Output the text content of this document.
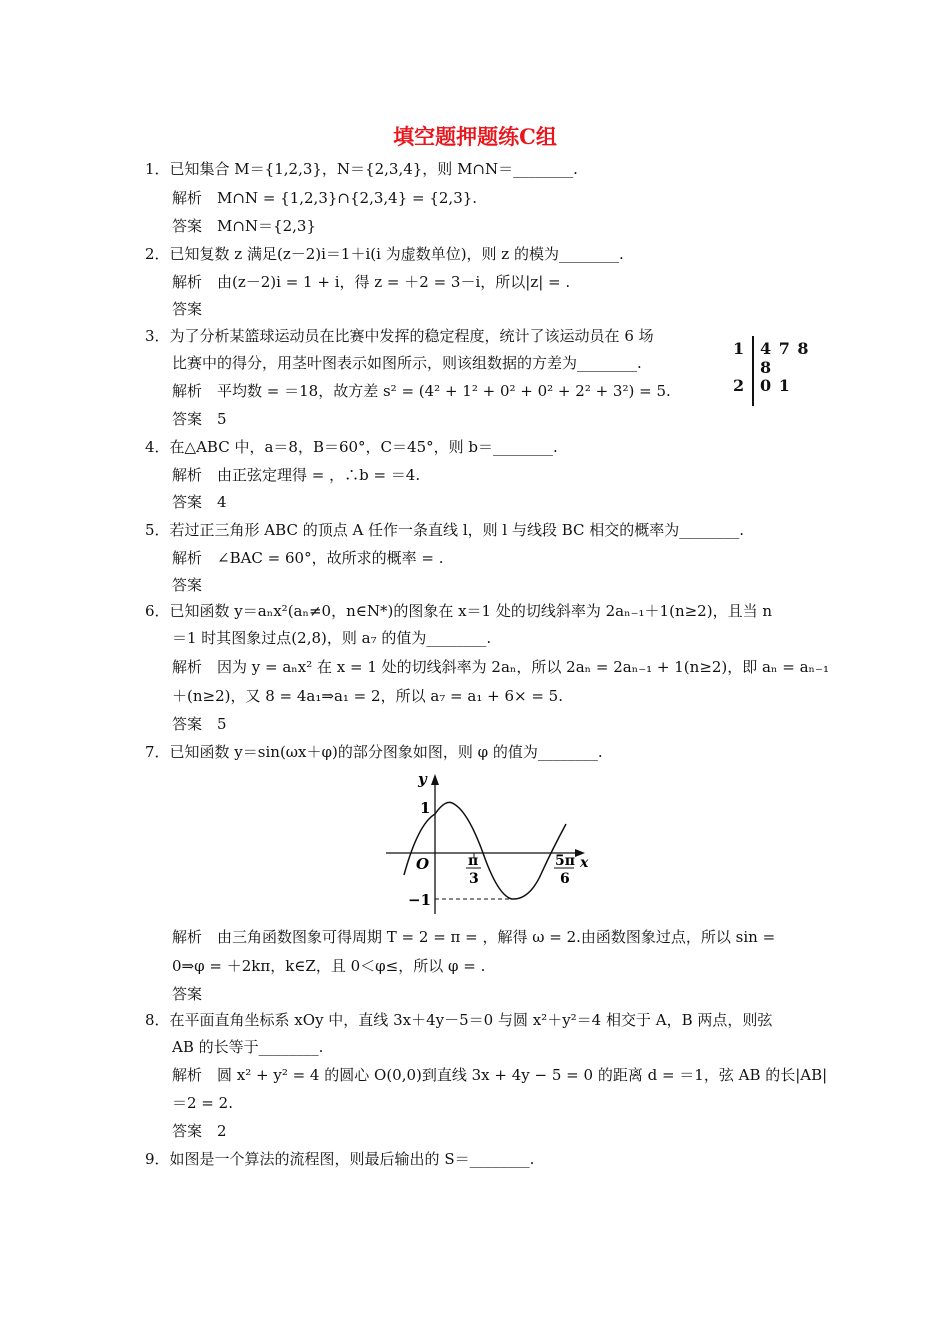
填空题押题练C组
1．已知集合 M＝{1,2,3}，N＝{2,3,4}，则 M∩N＝________.
解析　M∩N = {1,2,3}∩{2,3,4} = {2,3}.
答案　M∩N＝{2,3}
2．已知复数 z 满足(z－2)i＝1＋i(i 为虚数单位)，则 z 的模为________.
解析　由(z－2)i = 1 + i，得 z = ＋2 = 3－i，所以|z| = .
答案
3．为了分析某篮球运动员在比赛中发挥的稳定程度，统计了该运动员在 6 场
比赛中的得分，用茎叶图表示如图所示，则该组数据的方差为________.
解析　平均数 = ＝18，故方差 s² = (4² + 1² + 0² + 0² + 2² + 3²) = 5.
答案　5
1 4 7 8 8
2 0 1
4．在△ABC 中，a＝8，B＝60°，C＝45°，则 b＝________.
解析　由正弦定理得 = ，∴b = ＝4.
答案　4
5．若过正三角形 ABC 的顶点 A 任作一条直线 l，则 l 与线段 BC 相交的概率为________.
解析　∠BAC = 60°，故所求的概率 = .
答案
6．已知函数 y＝aₙx²(aₙ≠0，n∈N*)的图象在 x＝1 处的切线斜率为 2aₙ₋₁＋1(n≥2)，且当 n
＝1 时其图象过点(2,8)，则 a₇ 的值为________.
解析　因为 y = aₙx² 在 x = 1 处的切线斜率为 2aₙ，所以 2aₙ = 2aₙ₋₁ + 1(n≥2)，即 aₙ = aₙ₋₁
＋(n≥2)，又 8 = 4a₁⇒a₁ = 2，所以 a₇ = a₁ + 6× = 5.
答案　5
7．已知函数 y＝sin(ωx＋φ)的部分图象如图，则 φ 的值为________.
y
x
O
1
−1
π
3
5π
6
解析　由三角函数图象可得周期 T = 2 = π = ，解得 ω = 2.由函数图象过点，所以 sin =
0⇒φ = ＋2kπ，k∈Z，且 0＜φ≤，所以 φ = .
答案
8．在平面直角坐标系 xOy 中，直线 3x＋4y－5＝0 与圆 x²＋y²＝4 相交于 A，B 两点，则弦
AB 的长等于________.
解析　圆 x² + y² = 4 的圆心 O(0,0)到直线 3x + 4y − 5 = 0 的距离 d = ＝1，弦 AB 的长|AB|
＝2 = 2.
答案　2
9．如图是一个算法的流程图，则最后输出的 S＝________.
